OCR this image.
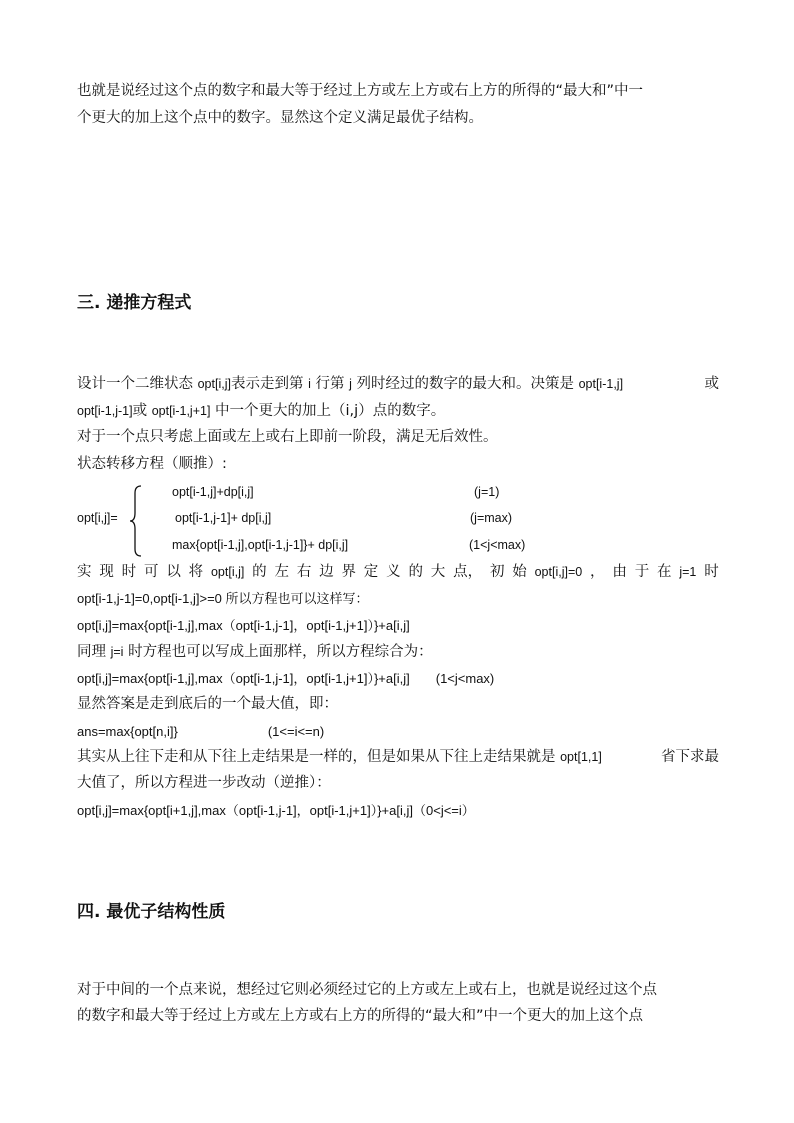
也就是说经过这个点的数字和最大等于经过上方或左上方或右上方的所得的“最大和”中一
个更大的加上这个点中的数字。显然这个定义满足最优子结构。
三. 递推方程式
设计一个二维状态 opt[i,j]表示走到第 i 行第 j 列时经过的数字的最大和。决策是 opt[i-1,j]	或
opt[i-1,j-1]或 opt[i-1,j+1] 中一个更大的加上（i,j）点的数字。
对于一个点只考虑上面或左上或右上即前一阶段，满足无后效性。
状态转移方程（顺推）:
opt[i,j]=
opt[i-1,j]+dp[i,j]	(j=1)
opt[i-1,j-1]+ dp[i,j]	(j=max)
max{opt[i-1,j],opt[i-1,j-1]}+ dp[i,j]	(1<j<max)
实 现 时 可 以 将 opt[i,j] 的 左 右 边 界 定 义 的 大 点， 初 始 opt[i,j]=0 ， 由 于 在 j=1 时
opt[i-1,j-1]=0,opt[i-1,j]>=0 所以方程也可以这样写：
opt[i,j]=max{opt[i-1,j],max（opt[i-1,j-1]，opt[i-1,j+1]）}+a[i,j]
同理 j=i 时方程也可以写成上面那样，所以方程综合为：
opt[i,j]=max{opt[i-1,j],max（opt[i-1,j-1]，opt[i-1,j+1]）}+a[i,j] (1<j<max)
显然答案是走到底后的一个最大值，即：
ans=max{opt[n,i]}	(1<=i<=n)
其实从上往下走和从下往上走结果是一样的，但是如果从下往上走结果就是 opt[1,1]	省下求最
大值了，所以方程进一步改动（逆推）：
opt[i,j]=max{opt[i+1,j],max（opt[i-1,j-1]，opt[i-1,j+1]）}+a[i,j]（0<j<=i）
四. 最优子结构性质
对于中间的一个点来说，想经过它则必须经过它的上方或左上或右上，也就是说经过这个点
的数字和最大等于经过上方或左上方或右上方的所得的“最大和”中一个更大的加上这个点
